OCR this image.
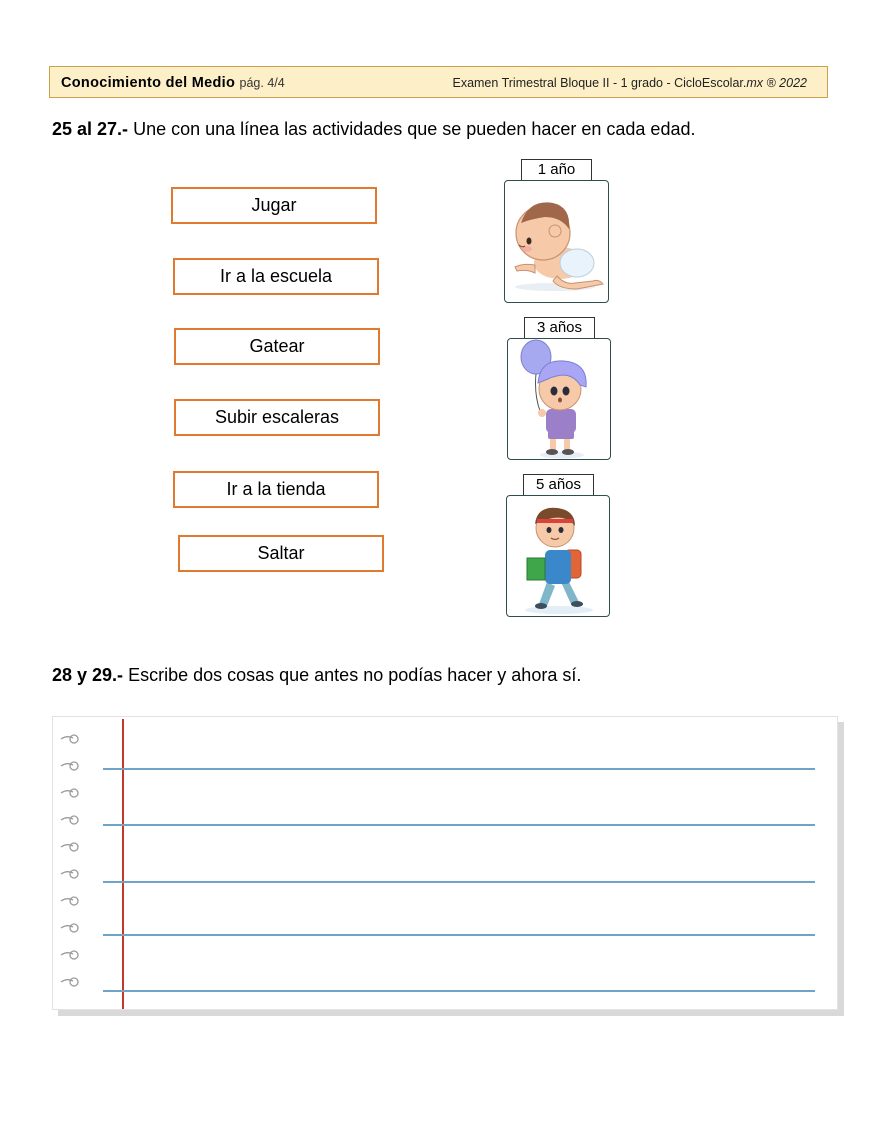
Conocimiento del Medio pág. 4/4	Examen Trimestral Bloque II - 1 grado - CicloEscolar.mx ® 2022
25 al 27.- Une con una línea las actividades que se pueden hacer en cada edad.
Jugar
Ir a la escuela
Gatear
Subir escaleras
Ir a la tienda
Saltar
1 año
3 años
5 años
28 y 29.- Escribe dos cosas que antes no podías hacer y ahora sí.
